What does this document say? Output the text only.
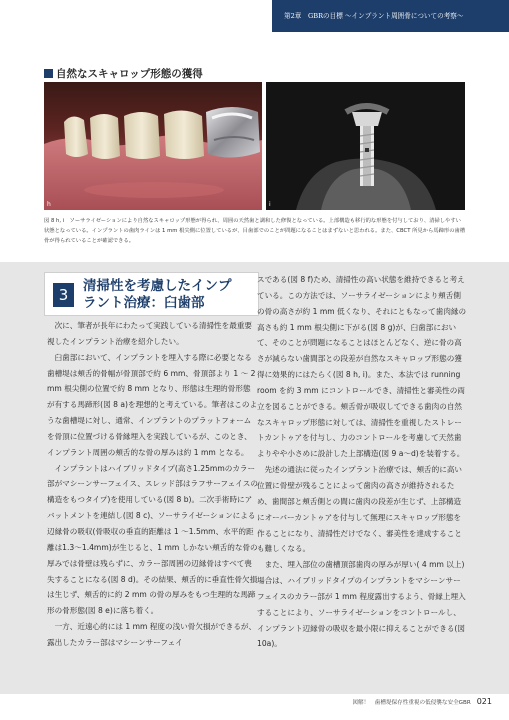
第2章　GBRの目標 ～インプラント周囲骨についての考察～
自然なスキャロップ形態の獲得
h	i
図 8 h, i　ソーサライゼーションにより自然なスキャロップ形態が得られ、周囲の天然歯と調和した修復となっている。上部構造も移行的な形態を付与しており、清掃しやすい状態となっている。インプラントの歯肉ラインは 1 mm 根尖側に位置しているが、目歯部でのことが問題になることはまずないと思われる。また、CBCT 所見から馬蹄形の歯槽骨が得られていることが確認できる。
3	清掃性を考慮したインプ
ラント治療：臼歯部

　次に、筆者が長年にわたって実践している清掃性を最重要視したインプラント治療を紹介したい。

　臼歯部において、インプラントを埋入する際に必要となる歯槽堤は頬舌的骨幅が骨頂部で約 6 mm、骨頂部より 1 ～ 2 mm 根尖側の位置で約 8 mm となり、形態は生理的骨形態が有する馬蹄形(図 8 a)を理想的と考えている。筆者はこのような歯槽堤に対し、通常、インプラントのプラットフォームを骨頂に位置づける骨縁埋入を実践しているが、このとき、インプラント周囲の頬舌的な骨の厚みは約 1 mm となる。

　インプラントはハイブリッドタイプ(高さ1.25mmのカラー部がマシーンサーフェイス、スレッド部はラフサーフェイスの構造をもつタイプ)を使用している(図 8 b)。二次手術時にアバットメントを連結し(図 8 c)、ソーサライゼーションによる辺縁骨の吸収(骨吸収の垂直的距離は 1 ～1.5mm、水平的距離は1.3～1.4mm)が生じると、1 mm しかない頬舌的な骨の厚みでは骨壁は残らずに、カラー部周囲の辺縁骨はすべて喪失することになる(図 8 d)。その結果、頬舌的に垂直性骨欠損は生じず、頬舌的に約 2 mm の骨の厚みをもつ生理的な馬蹄形の骨形態(図 8 e)に落ち着く。

　一方、近遠心的には 1 mm 程度の浅い骨欠損ができるが、露出したカラー部はマシーンサーフェイ

スである(図 8 f)ため、清掃性の高い状態を維持できると考えている。この方法では、ソーサライゼーションにより頬舌側の骨の高さが約 1 mm 低くなり、それにともなって歯肉縁の高さも約 1 mm 根尖側に下がる(図 8 g)が、臼歯部において、そのことが問題になることはほとんどなく、逆に骨の高さが減らない歯間部との段差が自然なスキャロップ形態の獲得に効果的にはたらく(図 8 h, i)。また、本法では running room を約 3 mm にコントロールでき、清掃性と審美性の両立を図ることができる。頬舌骨が吸収してできる歯肉の自然なスキャロップ形態に対しては、清掃性を重視したストレートカントゥアを付与し、力のコントロールを考慮して天然歯よりやや小さめに設計した上部構造(図 9 a～d)を装着する。

　先述の通法に従ったインプラント治療では、頬舌的に高い位置に骨壁が残ることによって歯肉の高さが維持されるため、歯間部と頬舌側との間に歯肉の段差が生じず、上部構造にオーバーカントゥアを付与して無理にスキャロップ形態を作ることになり、清掃性だけでなく、審美性を達成することも難しくなる。

　また、埋入部位の歯槽頂部歯肉の厚みが厚い( 4 mm 以上)場合は、ハイブリッドタイプのインプラントをマシーンサーフェイスのカラー部が 1 mm 程度露出するよう、骨縁上埋入することにより、ソーサライゼーションをコントロールし、インプラント辺縁骨の吸収を最小限に抑えることができる(図10a)。

図解！　歯槽堤保存性重視の低侵襲な安全GBR 021
